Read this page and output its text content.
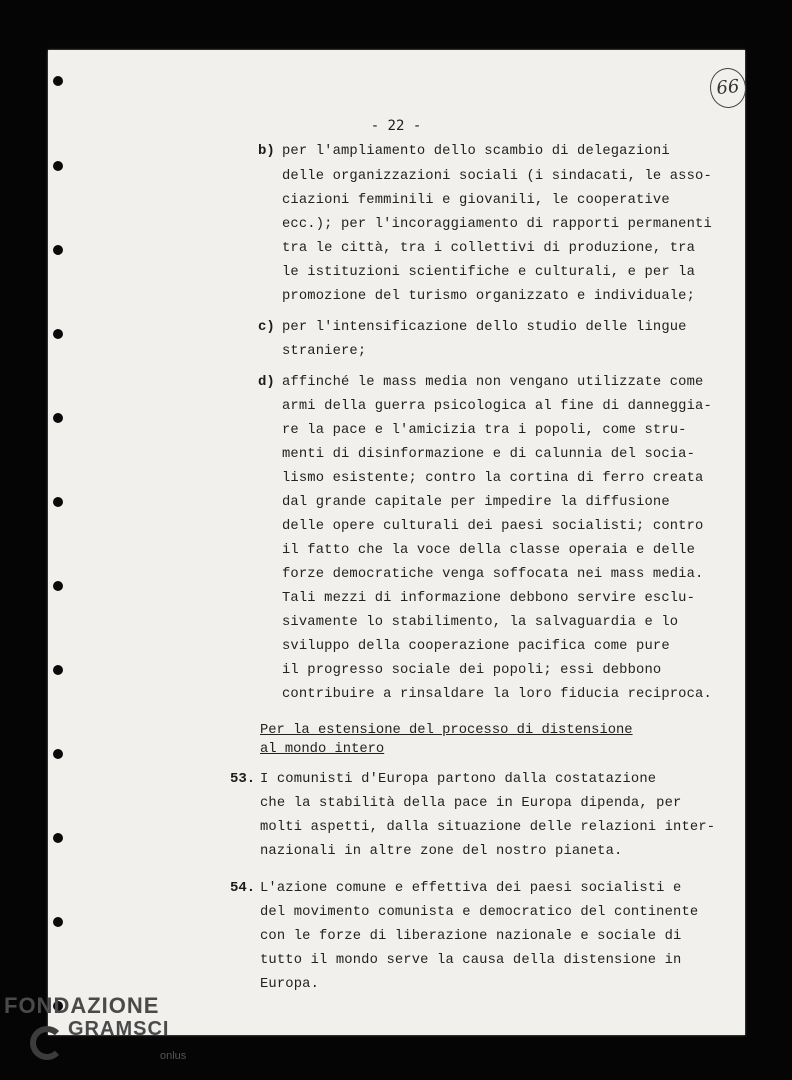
66
- 22 -
b) per l'ampliamento dello scambio di delegazioni
delle organizzazioni sociali (i sindacati, le asso-
ciazioni femminili e giovanili, le cooperative
ecc.); per l'incoraggiamento di rapporti permanenti
tra le città, tra i collettivi di produzione, tra
le istituzioni scientifiche e culturali, e per la
promozione del turismo organizzato e individuale;
c) per l'intensificazione dello studio delle lingue
straniere;
d) affinché le mass media non vengano utilizzate come
armi della guerra psicologica al fine di danneggia-
re la pace e l'amicizia tra i popoli, come stru-
menti di disinformazione e di calunnia del socia-
lismo esistente; contro la cortina di ferro creata
dal grande capitale per impedire la diffusione
delle opere culturali dei paesi socialisti; contro
il fatto che la voce della classe operaia e delle
forze democratiche venga soffocata nei mass media.
Tali mezzi di informazione debbono servire esclu-
sivamente lo stabilimento, la salvaguardia e lo
sviluppo della cooperazione pacifica come pure
il progresso sociale dei popoli; essi debbono
contribuire a rinsaldare la loro fiducia reciproca.
Per la estensione del processo di distensione
al mondo intero
53. I comunisti d'Europa partono dalla costatazione
che la stabilità della pace in Europa dipenda, per
molti aspetti, dalla situazione delle relazioni inter-
nazionali in altre zone del nostro pianeta.
54. L'azione comune e effettiva dei paesi socialisti e
del movimento comunista e democratico del continente
con le forze di liberazione nazionale e sociale di
tutto il mondo serve la causa della distensione in
Europa.
FONDAZIONE
GRAMSCI
onlus
